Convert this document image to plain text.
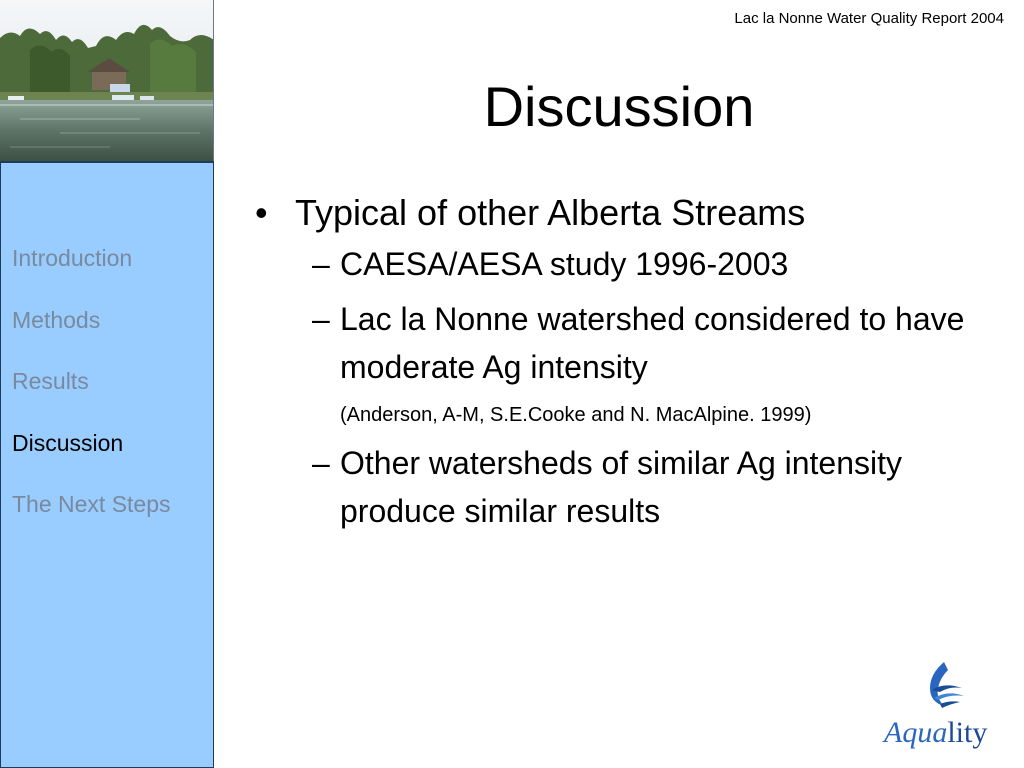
Introduction
Methods
Results
Discussion
The Next Steps
Lac la Nonne Water Quality Report 2004
Discussion
• Typical of other Alberta Streams
– CAESA/AESA study 1996-2003
– Lac la Nonne watershed considered to have moderate Ag intensity
(Anderson, A-M, S.E.Cooke and N. MacAlpine. 1999)
– Other watersheds of similar Ag intensity produce similar results
Aquality
